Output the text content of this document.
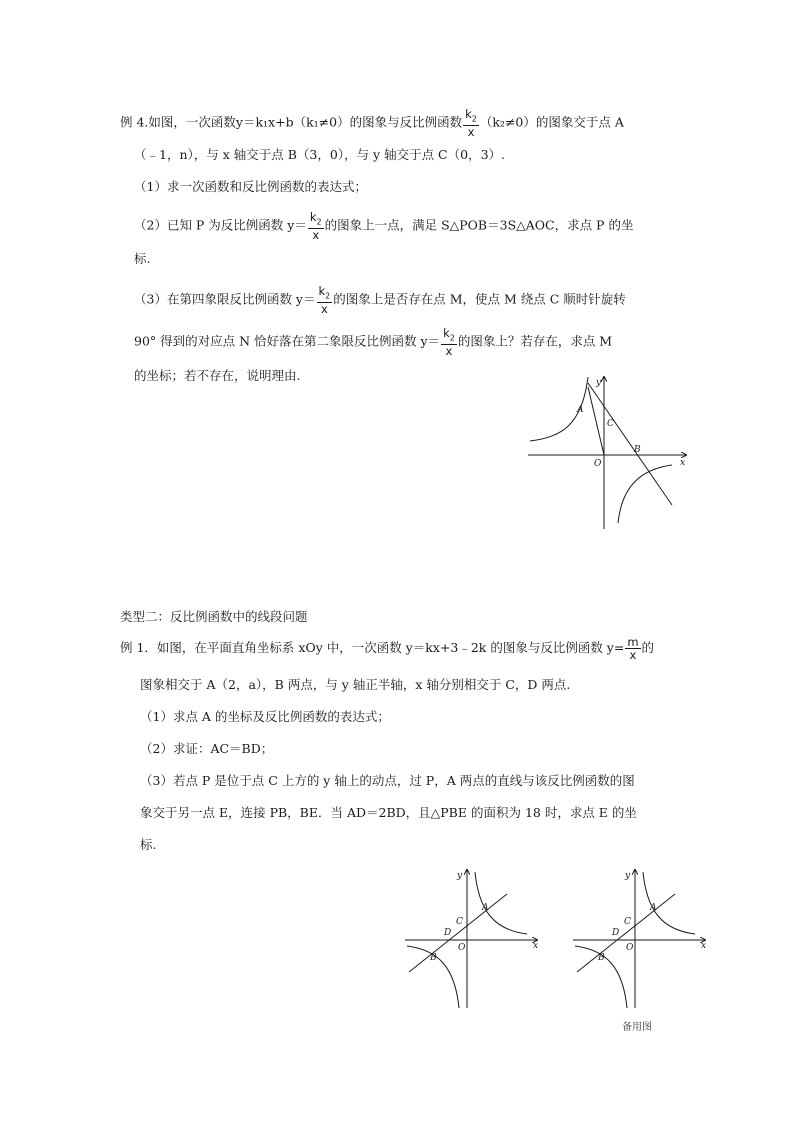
例 4.如图，一次函数y＝k₁x+b（k₁≠0）的图象与反比例函数 $\frac{k_2}{x} (k_2\ne 0)$的图象交于点 A
（﹣1，n），与 x 轴交于点 B（3，0），与 y 轴交于点 C（0，3）.
（1）求一次函数和反比例函数的表达式；
（2）已知 P 为反比例函数 $y= \frac{k_2}{x}$ 的图象上一点，满足 S△POB＝3S△AOC，求点 P 的坐
标.
（3）在第四象限反比例函数 $y= \frac{k_2}{x}$ 的图象上是否存在点 M，使点 M 绕点 C 顺时针旋转
90° 得到的对应点 N 恰好落在第二象限反比例函数 $y= \frac{k_2}{x}$ 的图象上？若存在，求点 M
的坐标；若不存在，说明理由.	y
x
A
C
B
O
类型二：反比例函数中的线段问题
例 1．如图，在平面直角坐标系 xOy 中，一次函数 y＝kx+3﹣2k 的图象与反比例函数 $y= \frac{m}{x}$ 的
图象相交于 A（2，a），B 两点，与 y 轴正半轴，x 轴分别相交于 C，D 两点.
（1）求点 A 的坐标及反比例函数的表达式；
（2）求证：AC＝BD；
（3）若点 P 是位于点 C 上方的 y 轴上的动点，过 P，A 两点的直线与该反比例函数的图
象交于另一点 E，连接 PB，BE．当 AD＝2BD，且△PBE 的面积为 18 时，求点 E 的坐
标.
y
x
A
C
D
O
B
y
x
A
C
D
O
B
备用图
